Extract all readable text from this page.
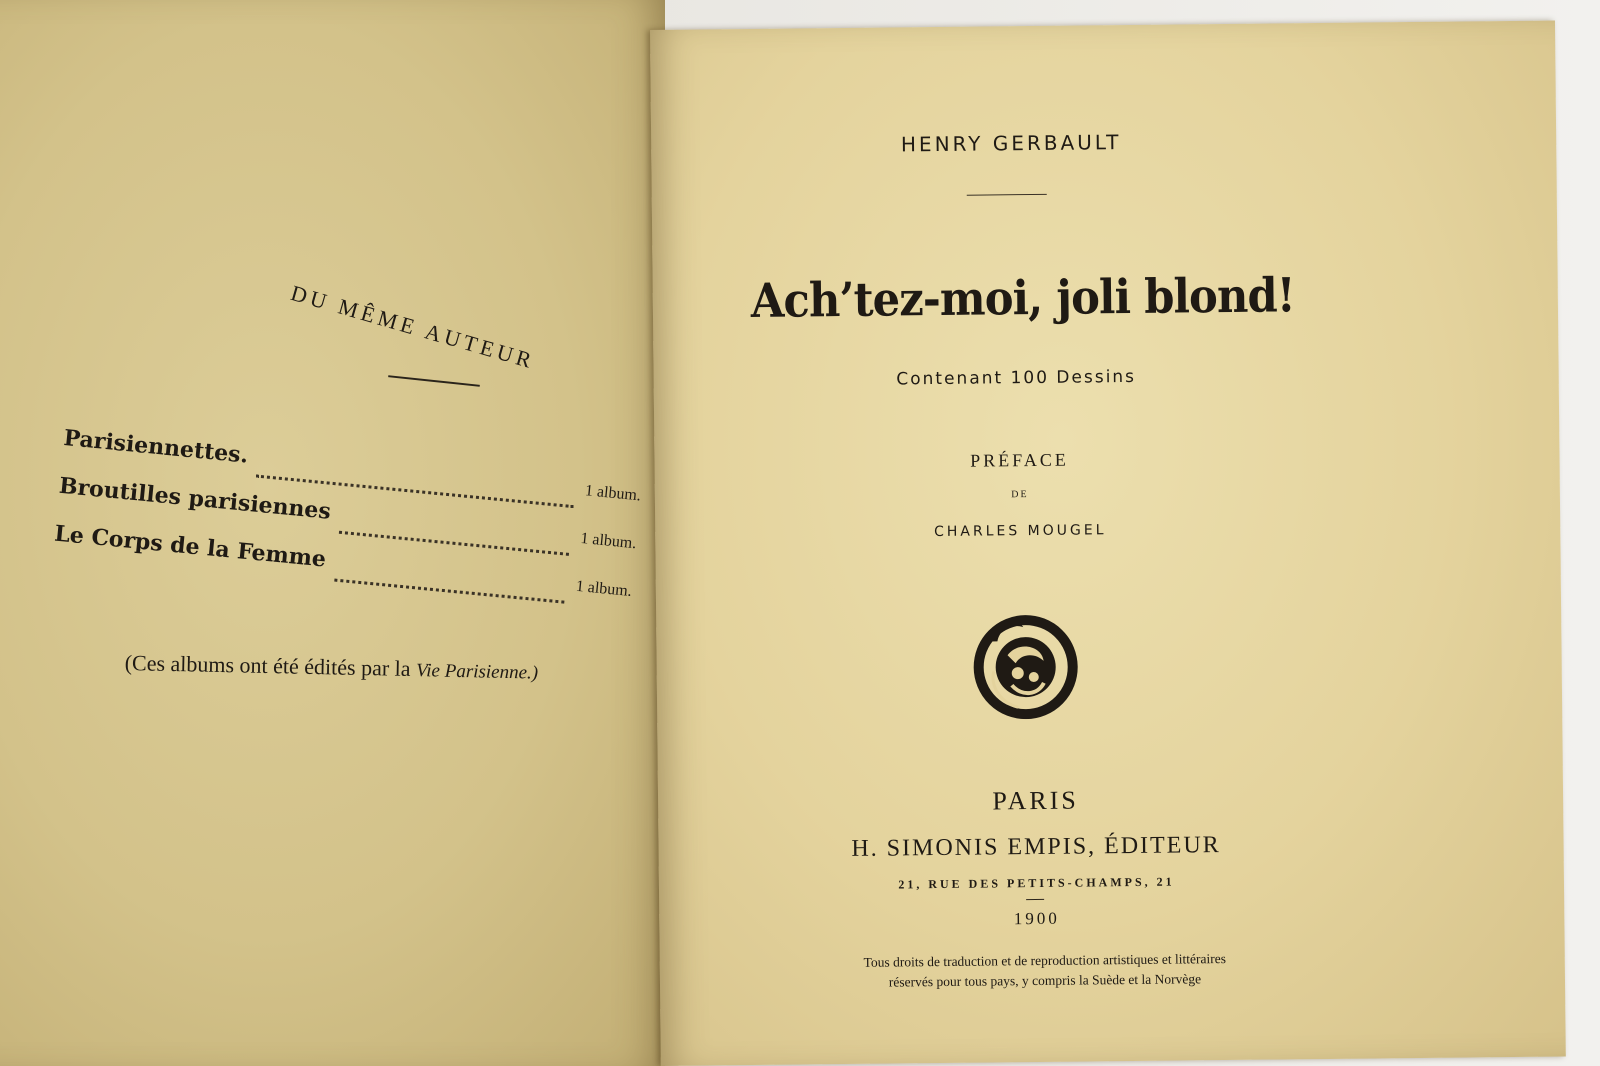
DU MÊME AUTEUR
Parisiennettes.
1 album.
Broutilles parisiennes
1 album.
Le Corps de la Femme
1 album.
(Ces albums ont été édités par la Vie Parisienne.)
HENRY GERBAULT
Ach’tez-moi, joli blond!
Contenant 100 Dessins
PRÉFACE
DE
CHARLES MOUGEL
PARIS
H. SIMONIS EMPIS, ÉDITEUR
21, RUE DES PETITS-CHAMPS, 21
1900
Tous droits de traduction et de reproduction artistiques et littéraires
réservés pour tous pays, y compris la Suède et la Norvège
